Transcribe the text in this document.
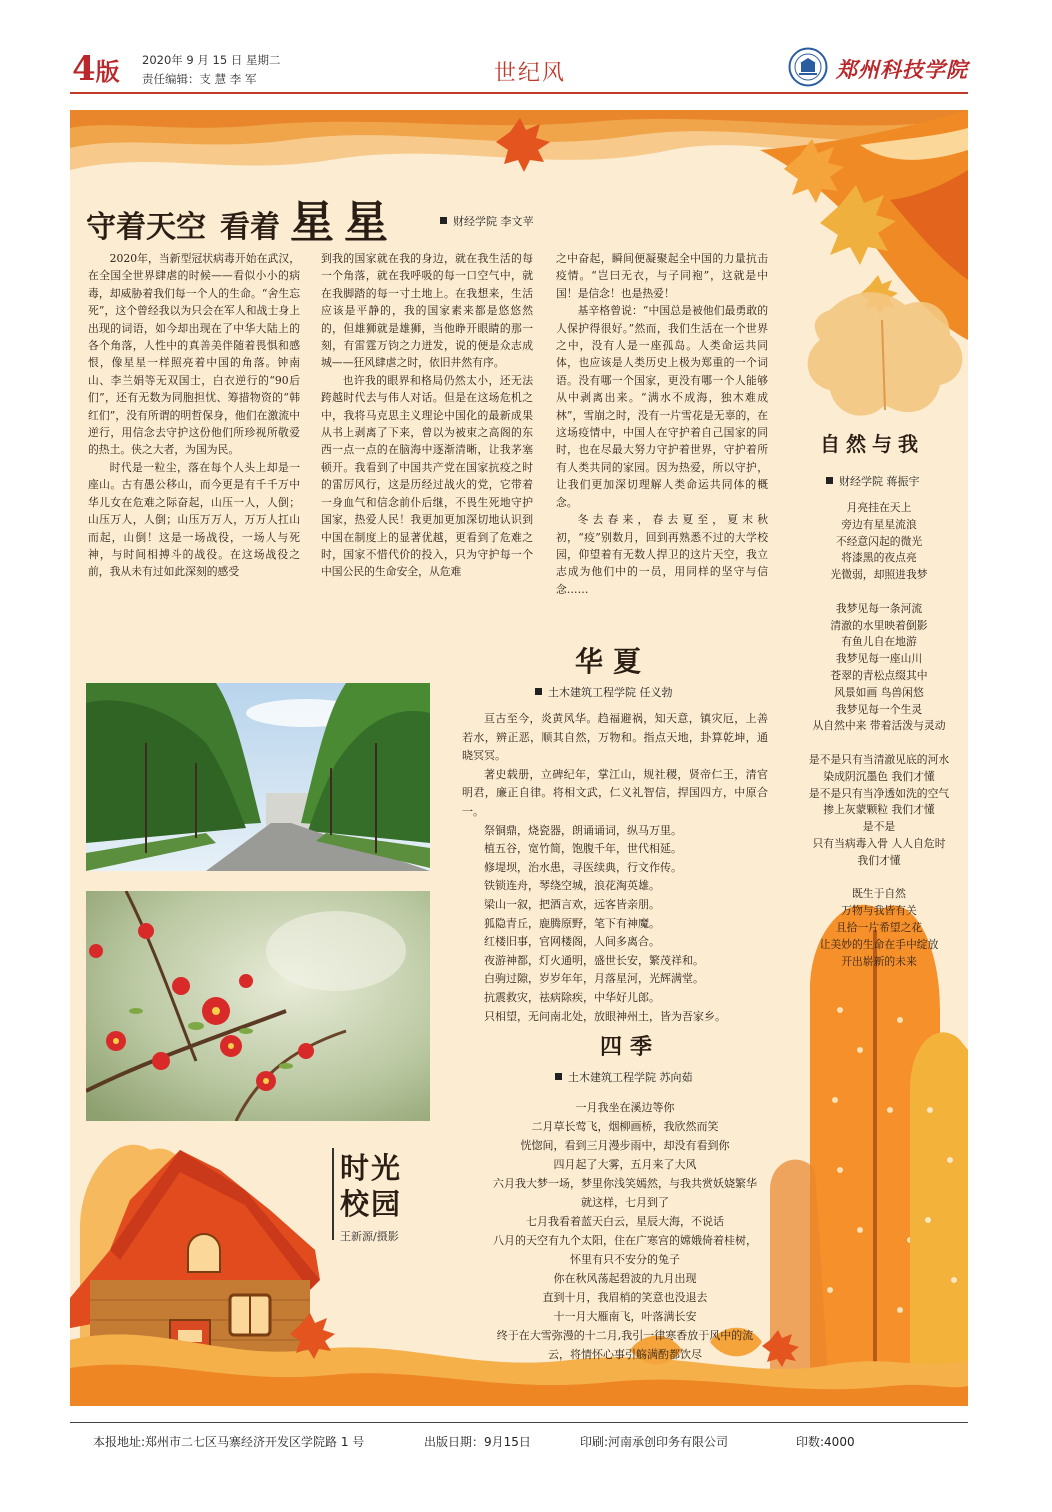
4版 2020年 9 月 15 日 星期二
责任编辑：支 慧 李 军	世纪风	郑州科技学院
守着天空 看着 星星	财经学院 李文苹

2020年，当新型冠状病毒开始在武汉，在全国全世界肆虐的时候——看似小小的病毒，却威胁着我们每一个人的生命。“舍生忘死”，这个曾经我以为只会在军人和战士身上出现的词语，如今却出现在了中华大陆上的各个角落，人性中的真善美伴随着畏惧和感恨，像星星一样照亮着中国的角落。钟南山、李兰娟等无双国士，白衣逆行的“90后们”，还有无数为同胞担忧、筹措物资的“韩红们”，没有所谓的明哲保身，他们在激流中逆行，用信念去守护这份他们所珍视所敬爱的热土。侠之大者，为国为民。

时代是一粒尘，落在每个人头上却是一座山。古有愚公移山，而今更是有千千万中华儿女在危难之际奋起，山压一人，人倒；山压万人，人倒；山压万万人，万万人扛山而起，山倒！这是一场战役，一场人与死神，与时间相搏斗的战役。在这场战役之前，我从未有过如此深刻的感受

到我的国家就在我的身边，就在我生活的每一个角落，就在我呼吸的每一口空气中，就在我脚踏的每一寸土地上。在我想来，生活应该是平静的，我的国家素来都是悠悠然的，但雄狮就是雄狮，当他睁开眼睛的那一刻，有雷霆万钧之力迸发，说的便是众志成城——狂风肆虐之时，依旧井然有序。

也许我的眼界和格局仍然太小，还无法跨越时代去与伟人对话。但是在这场危机之中，我将马克思主义理论中国化的最新成果从书上剥离了下来，曾以为被束之高阁的东西一点一点的在脑海中逐渐清晰，让我茅塞顿开。我看到了中国共产党在国家抗疫之时的雷厉风行，这是历经过战火的党，它带着一身血气和信念前仆后继，不畏生死地守护国家，热爱人民！我更加更加深切地认识到中国在制度上的显著优越，更看到了危难之时，国家不惜代价的投入，只为守护每一个中国公民的生命安全，从危难

之中奋起，瞬间便凝聚起全中国的力量抗击疫情。“岂曰无衣，与子同袍”，这就是中国！是信念！也是热爱！

基辛格曾说：“中国总是被他们最勇敢的人保护得很好。”然而，我们生活在一个世界之中，没有人是一座孤岛。人类命运共同体，也应该是人类历史上极为郑重的一个词语。没有哪一个国家，更没有哪一个人能够从中剥离出来。“满水不成海，独木难成林”，雪崩之时，没有一片雪花是无辜的，在这场疫情中，中国人在守护着自己国家的同时，也在尽最大努力守护着世界，守护着所有人类共同的家园。因为热爱，所以守护，让我们更加深切理解人类命运共同体的概念。

冬去春来，春去夏至，夏末秋初，“疫”别数月，回到再熟悉不过的大学校园，仰望着有无数人捍卫的这片天空，我立志成为他们中的一员，用同样的坚守与信念……

时光
校园
王新源/摄影
华夏
土木建筑工程学院 任义勃

亘古至今，炎黄风华。趋福避祸，知天意，镇灾厄，上善若水，辨正恶，顺其自然，万物和。指点天地，卦算乾坤，通晓冥冥。

著史载册，立碑纪年，掌江山，规社稷，贤帝仁王，清官明君，廉正自律。将相文武，仁义礼智信，捍国四方，中原合一。

祭铜鼎，烧瓷器，朗诵诵词，纵马万里。

植五谷，宽竹简，饱腹千年，世代相延。

修堤坝，治水患，寻医续典，行文作传。

铁锁连舟，琴绕空城，浪花淘英雄。

梁山一叙，把酒言欢，远客皆亲朋。

狐隐青丘，鹿腾原野，笔下有神魔。

红楼旧事，官网楼阁，人间多离合。

夜游神都，灯火通明，盛世长安，繁茂祥和。

白驹过隙，岁岁年年，月落星河，光辉满堂。

抗震救灾，祛病除疾，中华好儿郎。

只相望，无问南北处，放眼神州土，皆为吾家乡。

四季
土木建筑工程学院 苏向茹
一月我坐在溪边等你
二月草长莺飞，烟柳画桥，我欣然而笑
恍惚间，看到三月漫步雨中，却没有看到你
四月起了大雾，五月来了大风
六月我大梦一场，梦里你浅笑嫣然，与我共赏妖娆繁华
就这样，七月到了
七月我看着蓝天白云，星辰大海，不说话
八月的天空有九个太阳，住在广寒宫的嫦娥倚着桂树，
怀里有只不安分的兔子
你在秋风荡起碧波的九月出现
直到十月，我眉梢的笑意也没退去
十一月大雁南飞，叶落满长安
终于在大雪弥漫的十二月,我引一律寒香放于风中的流
云，将情怀心事引觞满酌都饮尽
自然与我
财经学院 蒋振宇
月亮挂在天上
旁边有星星流浪
不经意闪起的微光
将漆黑的夜点亮
光微弱，却照进我梦
我梦见每一条河流
清澈的水里映着倒影
有鱼儿自在地游
我梦见每一座山川
苍翠的青松点缀其中
风景如画 鸟兽闲悠
我梦见每一个生灵
从自然中来 带着活泼与灵动
是不是只有当清澈见底的河水
染成阴沉墨色 我们才懂
是不是只有当净透如洗的空气
掺上灰蒙颗粒 我们才懂
是不是
只有当病毒入骨 人人自危时
我们才懂
既生于自然
万物与我皆有关
且拾一片希望之花
让美妙的生命在手中绽放
开出崭新的未来
本报地址:郑州市二七区马寨经济开发区学院路 1 号	出版日期：9月15日	印刷:河南承创印务有限公司	印数:4000
